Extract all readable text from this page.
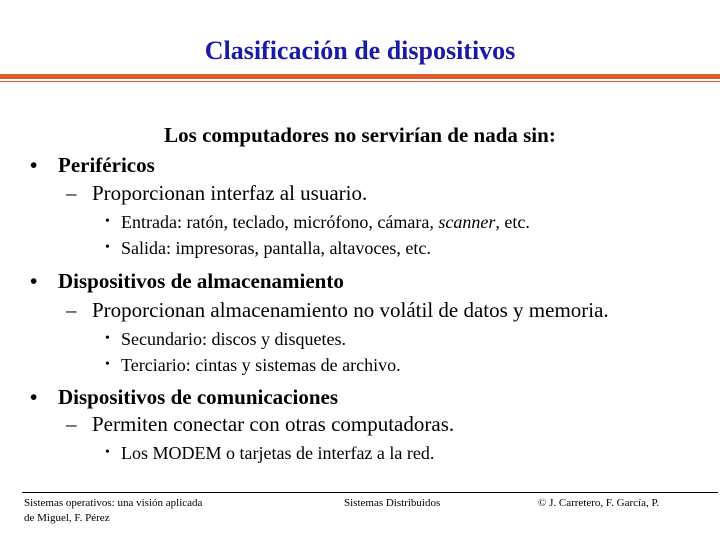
Clasificación de dispositivos
Los computadores no servirían de nada sin:
• Periféricos
– Proporcionan interfaz al usuario.
• Entrada: ratón, teclado, micrófono, cámara, scanner, etc.
• Salida: impresoras, pantalla, altavoces, etc.
• Dispositivos de almacenamiento
– Proporcionan almacenamiento no volátil de datos y memoria.
• Secundario: discos y disquetes.
• Terciario: cintas y sistemas de archivo.
• Dispositivos de comunicaciones
– Permiten conectar con otras computadoras.
• Los MODEM o tarjetas de interfaz a la red.
Sistemas operativos: una visión aplicada
de Miguel, F. Pérez
Sistemas Distribuidos	© J. Carretero, F. García, P.
